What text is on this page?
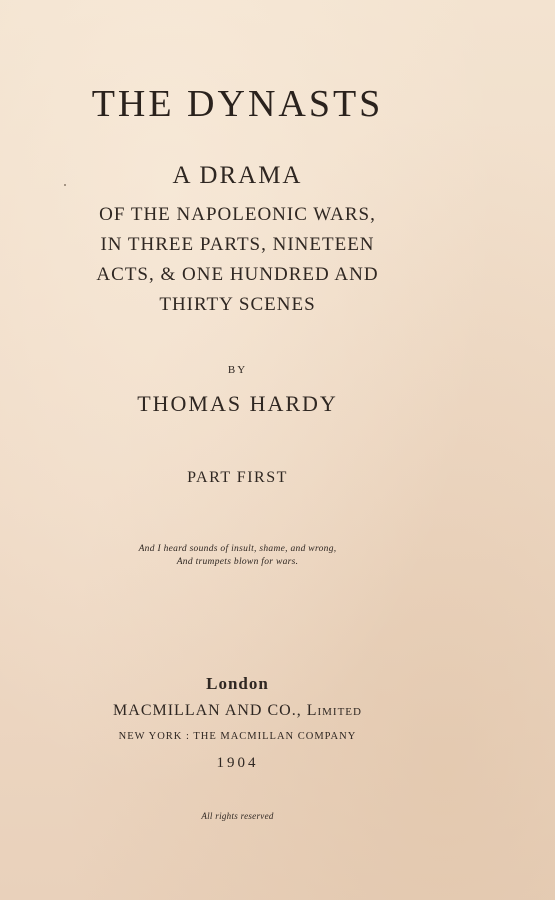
THE DYNASTS
A DRAMA
OF THE NAPOLEONIC WARS,
IN THREE PARTS, NINETEEN
ACTS, & ONE HUNDRED AND
THIRTY SCENES
BY
THOMAS HARDY
PART FIRST
And I heard sounds of insult, shame, and wrong,
And trumpets blown for wars.
London
MACMILLAN AND CO., Limited
NEW YORK : THE MACMILLAN COMPANY
1904
All rights reserved
